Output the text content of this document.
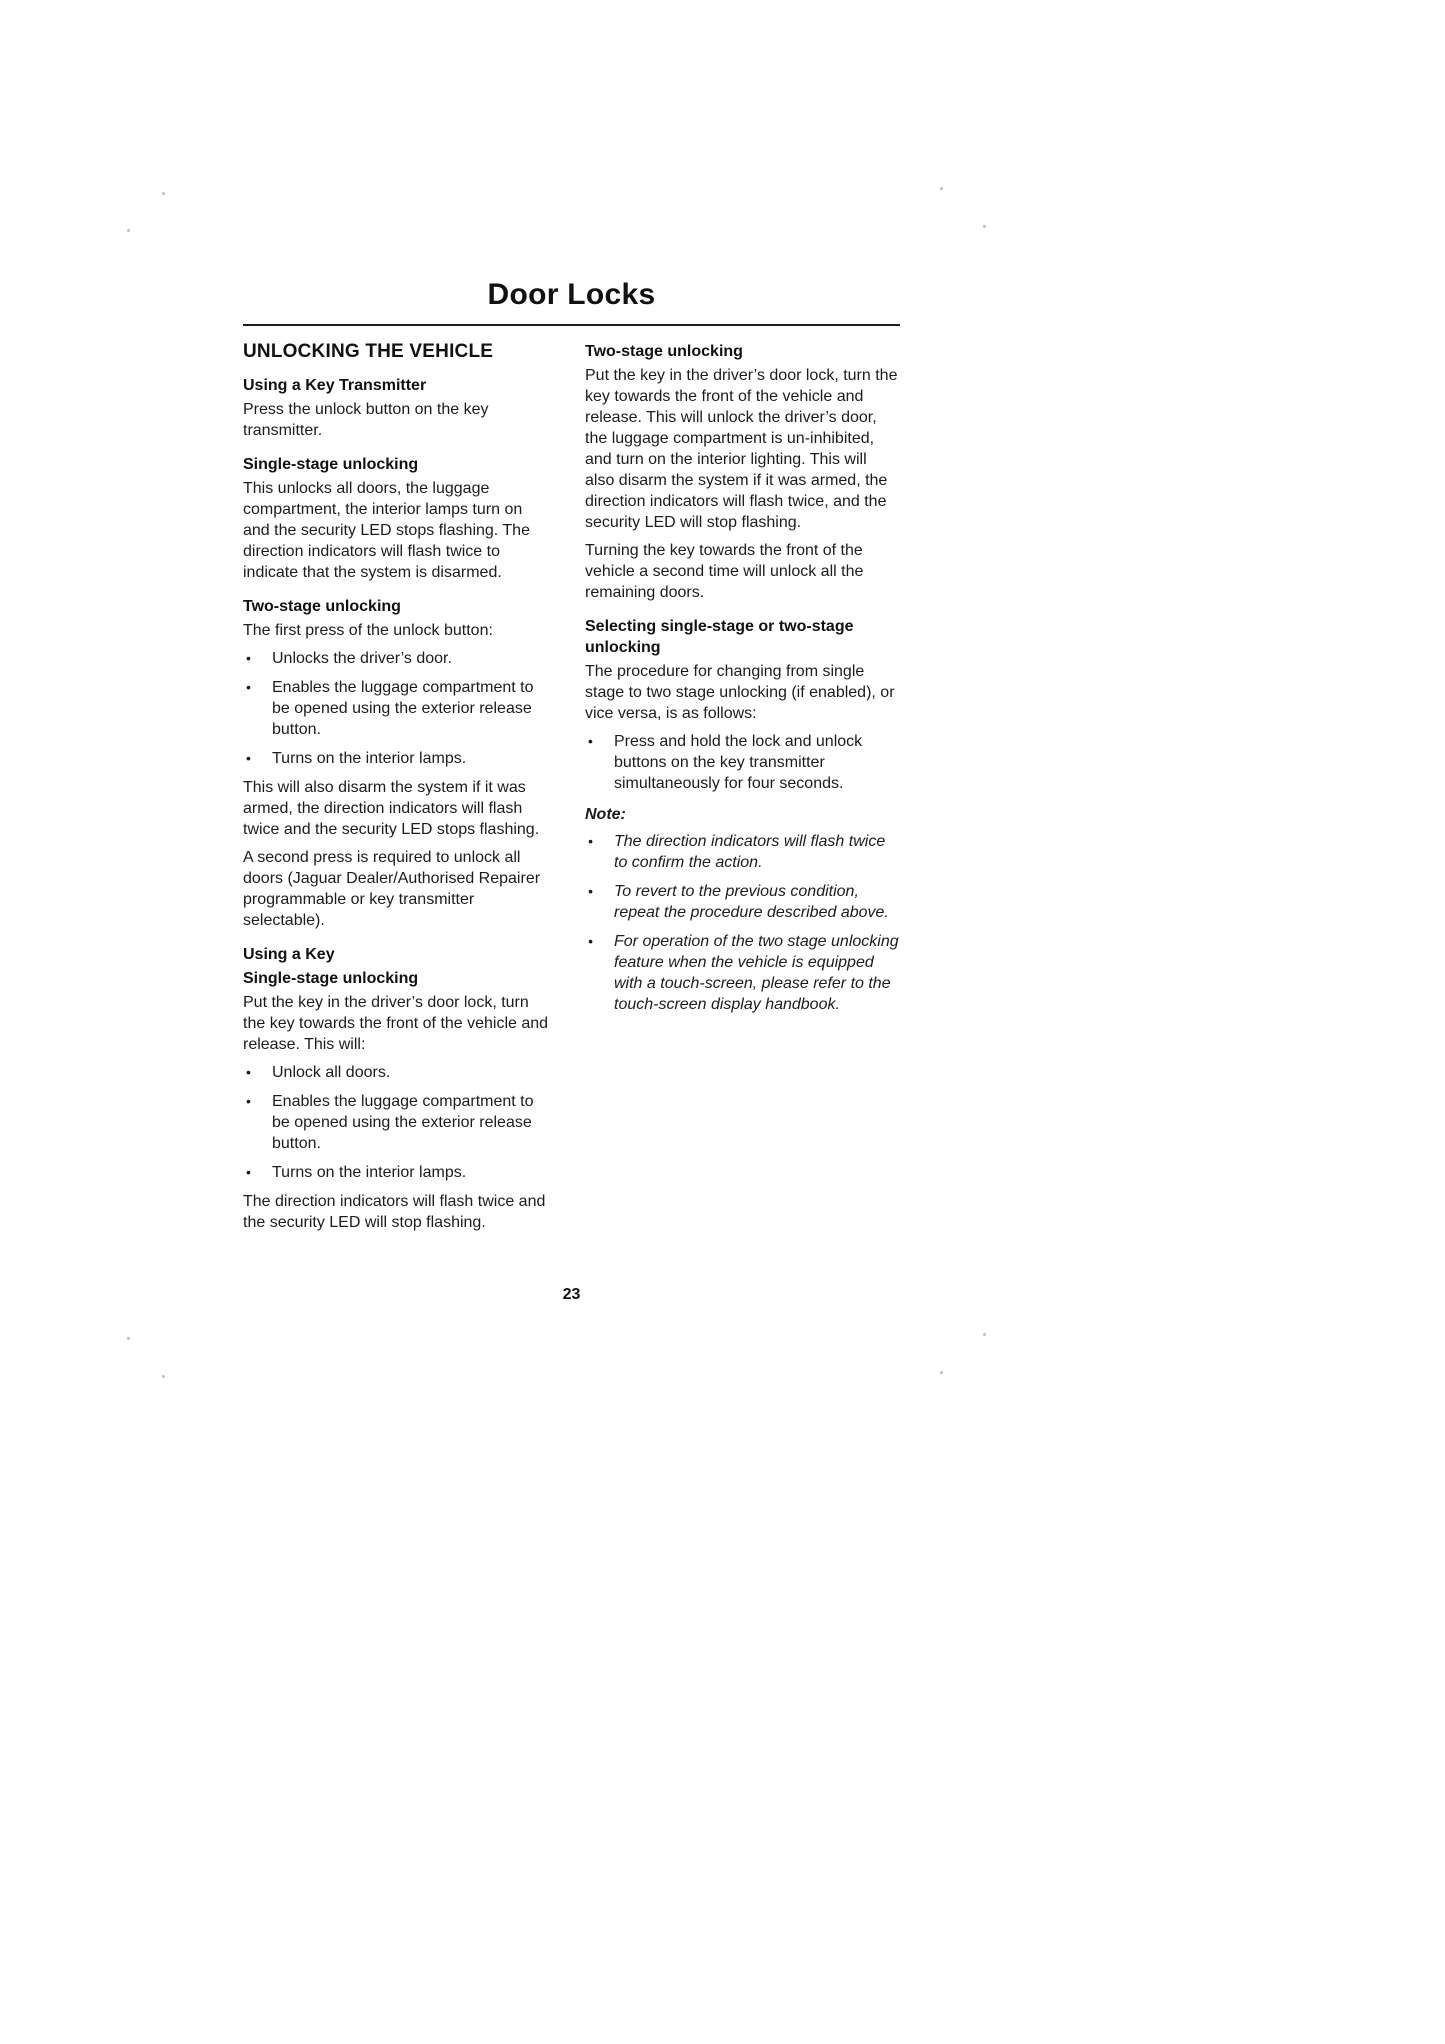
Door Locks
UNLOCKING THE VEHICLE
Using a Key Transmitter

Press the unlock button on the key transmitter.

Single-stage unlocking

This unlocks all doors, the luggage compartment, the interior lamps turn on and the security LED stops flashing. The direction indicators will flash twice to indicate that the system is disarmed.

Two-stage unlocking

The first press of the unlock button:

•	Unlocks the driver’s door.
•	Enables the luggage compartment to be opened using the exterior release button.
•	Turns on the interior lamps.

This will also disarm the system if it was armed, the direction indicators will flash twice and the security LED stops flashing.

A second press is required to unlock all doors (Jaguar Dealer/Authorised Repairer programmable or key transmitter selectable).

Using a Key
Single-stage unlocking

Put the key in the driver’s door lock, turn the key towards the front of the vehicle and release. This will:

•	Unlock all doors.
•	Enables the luggage compartment to be opened using the exterior release button.
•	Turns on the interior lamps.

The direction indicators will flash twice and the security LED will stop flashing.

Two-stage unlocking

Put the key in the driver’s door lock, turn the key towards the front of the vehicle and release. This will unlock the driver’s door, the luggage compartment is un-inhibited, and turn on the interior lighting. This will also disarm the system if it was armed, the direction indicators will flash twice, and the security LED will stop flashing.

Turning the key towards the front of the vehicle a second time will unlock all the remaining doors.

Selecting single-stage or two-stage unlocking

The procedure for changing from single stage to two stage unlocking (if enabled), or vice versa, is as follows:

•	Press and hold the lock and unlock buttons on the key transmitter simultaneously for four seconds.
Note:
•	The direction indicators will flash twice to confirm the action.
•	To revert to the previous condition, repeat the procedure described above.
•	For operation of the two stage unlocking feature when the vehicle is equipped with a touch-screen, please refer to the touch-screen display handbook.
23
